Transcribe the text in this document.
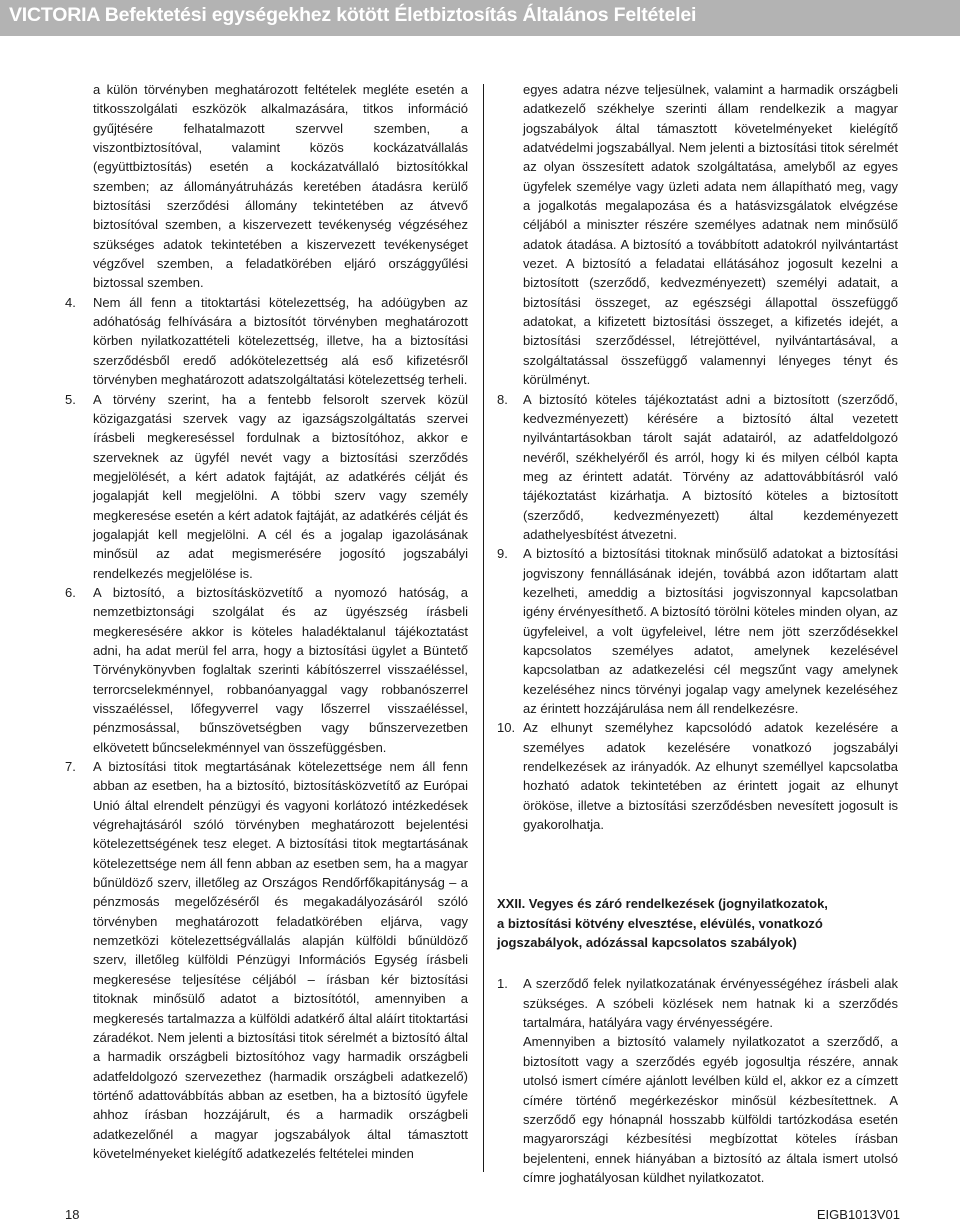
VICTORIA Befektetési egységekhez kötött Életbiztosítás Általános Feltételei
a külön törvényben meghatározott feltételek megléte esetén a titkosszolgálati eszközök alkalmazására, titkos információ gyűjtésére felhatalmazott szervvel szemben, a viszontbiztosítóval, valamint közös kockázatvállalás (együttbiztosítás) esetén a kockázatvállaló biztosítókkal szemben; az állományátruházás keretében átadásra kerülő biztosítási szerződési állomány tekintetében az átvevő biztosítóval szemben, a kiszervezett tevékenység végzéséhez szükséges adatok tekintetében a kiszervezett tevékenységet végzővel szemben, a feladatkörében eljáró országgyűlési biztossal szemben.
4. Nem áll fenn a titoktartási kötelezettség, ha adóügyben az adóhatóság felhívására a biztosítót törvényben meghatározott körben nyilatkozattételi kötelezettség, illetve, ha a biztosítási szerződésből eredő adókötelezettség alá eső kifizetésről törvényben meghatározott adatszolgáltatási kötelezettség terheli.
5. A törvény szerint, ha a fentebb felsorolt szervek közül közigazgatási szervek vagy az igazságszolgáltatás szervei írásbeli megkereséssel fordulnak a biztosítóhoz, akkor e szerveknek az ügyfél nevét vagy a biztosítási szerződés megjelölését, a kért adatok fajtáját, az adatkérés célját és jogalapját kell megjelölni. A többi szerv vagy személy megkeresése esetén a kért adatok fajtáját, az adatkérés célját és jogalapját kell megjelölni. A cél és a jogalap igazolásának minősül az adat megismerésére jogosító jogszabályi rendelkezés megjelölése is.
6. A biztosító, a biztosításközvetítő a nyomozó hatóság, a nemzetbiztonsági szolgálat és az ügyészség írásbeli megkeresésére akkor is köteles haladéktalanul tájékoztatást adni, ha adat merül fel arra, hogy a biztosítási ügylet a Büntető Törvénykönyvben foglaltak szerinti kábítószerrel visszaéléssel, terrorcselekménnyel, robbanóanyaggal vagy robbanószerrel visszaéléssel, lőfegyverrel vagy lőszerrel visszaéléssel, pénzmosással, bűnszövetségben vagy bűnszervezetben elkövetett bűncselekménnyel van összefüggésben.
7. A biztosítási titok megtartásának kötelezettsége nem áll fenn abban az esetben, ha a biztosító, biztosításközvetítő az Európai Unió által elrendelt pénzügyi és vagyoni korlátozó intézkedések végrehajtásáról szóló törvényben meghatározott bejelentési kötelezettségének tesz eleget. A biztosítási titok megtartásának kötelezettsége nem áll fenn abban az esetben sem, ha a magyar bűnüldöző szerv, illetőleg az Országos Rendőrfőkapitányság – a pénzmosás megelőzéséről és megakadályozásáról szóló törvényben meghatározott feladatkörében eljárva, vagy nemzetközi kötelezettségvállalás alapján külföldi bűnüldöző szerv, illetőleg külföldi Pénzügyi Információs Egység írásbeli megkeresése teljesítése céljából – írásban kér biztosítási titoknak minősülő adatot a biztosítótól, amennyiben a megkeresés tartalmazza a külföldi adatkérő által aláírt titoktartási záradékot. Nem jelenti a biztosítási titok sérelmét a biztosító által a harmadik országbeli biztosítóhoz vagy harmadik országbeli adatfeldolgozó szervezethez (harmadik országbeli adatkezelő) történő adattovábbítás abban az esetben, ha a biztosító ügyfele ahhoz írásban hozzájárult, és a harmadik országbeli adatkezelőnél a magyar jogszabályok által támasztott követelményeket kielégítő adatkezelés feltételei minden
egyes adatra nézve teljesülnek, valamint a harmadik országbeli adatkezelő székhelye szerinti állam rendelkezik a magyar jogszabályok által támasztott követelményeket kielégítő adatvédelmi jogszabállyal. Nem jelenti a biztosítási titok sérelmét az olyan összesített adatok szolgáltatása, amelyből az egyes ügyfelek személye vagy üzleti adata nem állapítható meg, vagy a jogalkotás megalapozása és a hatásvizsgálatok elvégzése céljából a miniszter részére személyes adatnak nem minősülő adatok átadása. A biztosító a továbbított adatokról nyilvántartást vezet. A biztosító a feladatai ellátásához jogosult kezelni a biztosított (szerződő, kedvezményezett) személyi adatait, a biztosítási összeget, az egészségi állapottal összefüggő adatokat, a kifizetett biztosítási összeget, a kifizetés idejét, a biztosítási szerződéssel, létrejöttével, nyilvántartásával, a szolgáltatással összefüggő valamennyi lényeges tényt és körülményt.
8. A biztosító köteles tájékoztatást adni a biztosított (szerződő, kedvezményezett) kérésére a biztosító által vezetett nyilvántartásokban tárolt saját adatairól, az adatfeldolgozó nevéről, székhelyéről és arról, hogy ki és milyen célból kapta meg az érintett adatát. Törvény az adattovábbításról való tájékoztatást kizárhatja. A biztosító köteles a biztosított (szerződő, kedvezményezett) által kezdeményezett adathelyesbítést átvezetni.
9. A biztosító a biztosítási titoknak minősülő adatokat a biztosítási jogviszony fennállásának idején, továbbá azon időtartam alatt kezelheti, ameddig a biztosítási jogviszonnyal kapcsolatban igény érvényesíthető. A biztosító törölni köteles minden olyan, az ügyfeleivel, a volt ügyfeleivel, létre nem jött szerződésekkel kapcsolatos személyes adatot, amelynek kezelésével kapcsolatban az adatkezelési cél megszűnt vagy amelynek kezeléséhez nincs törvényi jogalap vagy amelynek kezeléséhez az érintett hozzájárulása nem áll rendelkezésre.
10. Az elhunyt személyhez kapcsolódó adatok kezelésére a személyes adatok kezelésére vonatkozó jogszabályi rendelkezések az irányadók. Az elhunyt személlyel kapcsolatba hozható adatok tekintetében az érintett jogait az elhunyt örököse, illetve a biztosítási szerződésben nevesített jogosult is gyakorolhatja.
XXII. Vegyes és záró rendelkezések (jognyilatkozatok,
a biztosítási kötvény elvesztése, elévülés, vonatkozó
jogszabályok, adózással kapcsolatos szabályok)
1. A szerződő felek nyilatkozatának érvényességéhez írásbeli alak szükséges. A szóbeli közlések nem hatnak ki a szerződés tartalmára, hatályára vagy érvényességére.
Amennyiben a biztosító valamely nyilatkozatot a szerződő, a biztosított vagy a szerződés egyéb jogosultja részére, annak utolsó ismert címére ajánlott levélben küld el, akkor ez a címzett címére történő megérkezéskor minősül kézbesítettnek. A szerződő egy hónapnál hosszabb külföldi tartózkodása esetén magyarországi kézbesítési megbízottat köteles írásban bejelenteni, ennek hiányában a biztosító az általa ismert utolsó címre joghatályosan küldhet nyilatkozatot.
18	EIGB1013V01
